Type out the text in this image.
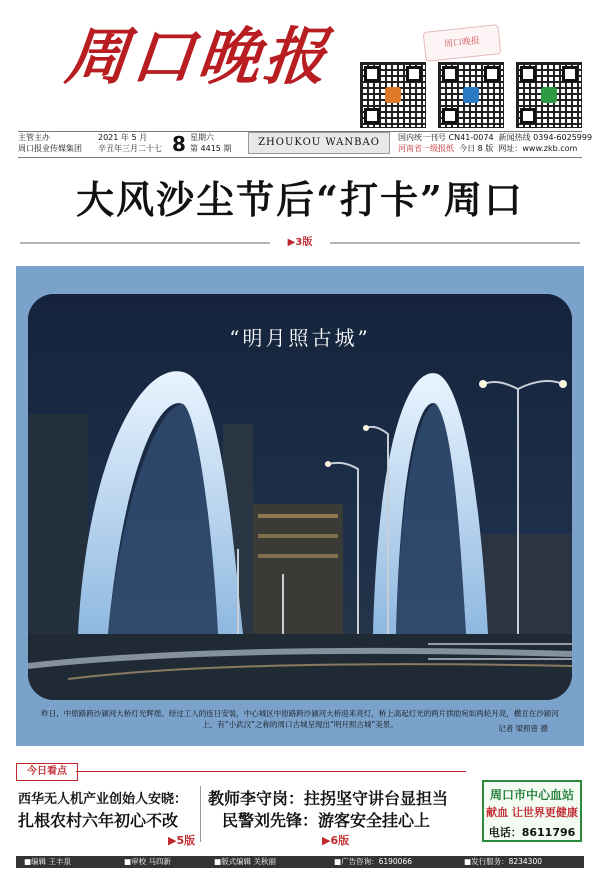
周口晚报	周口晚报
主管主办
周口报业传媒集团
2021 年 5 月
辛丑年三月二十七 8 星期六
第 4415 期
ZHOUKOU WANBAO	国内统一刊号 CN41-0074 新闻热线 0394-6025999
河南省一级报纸 今日 8 版 网址：www.zkb.com
大风沙尘节后“打卡”周口
▶3版
“明月照古城”
昨日，中原路跨沙颍河大桥灯光辉煌。经过工人的连日安装，中心城区中原路跨沙颍河大桥迎来亮灯，桥上高起灯光的两片拱肋宛如两轮月亮，横亘在沙颍河上，有“小武汉”之称的周口古城呈现出“明月照古城”美景。	记者 梁照曾 摄
今日看点
西华无人机产业创始人安晓：
扎根农村六年初心不改
▶5版
教师李守岗：拄拐坚守讲台显担当
民警刘先锋：游客安全挂心上
▶6版
周口市中心血站
献血 让世界更健康
电话：8611796
■编辑 王丰泉	■审校 马四新	■版式编辑 关秋丽	■广告咨询：6190066	■发行服务：8234300
